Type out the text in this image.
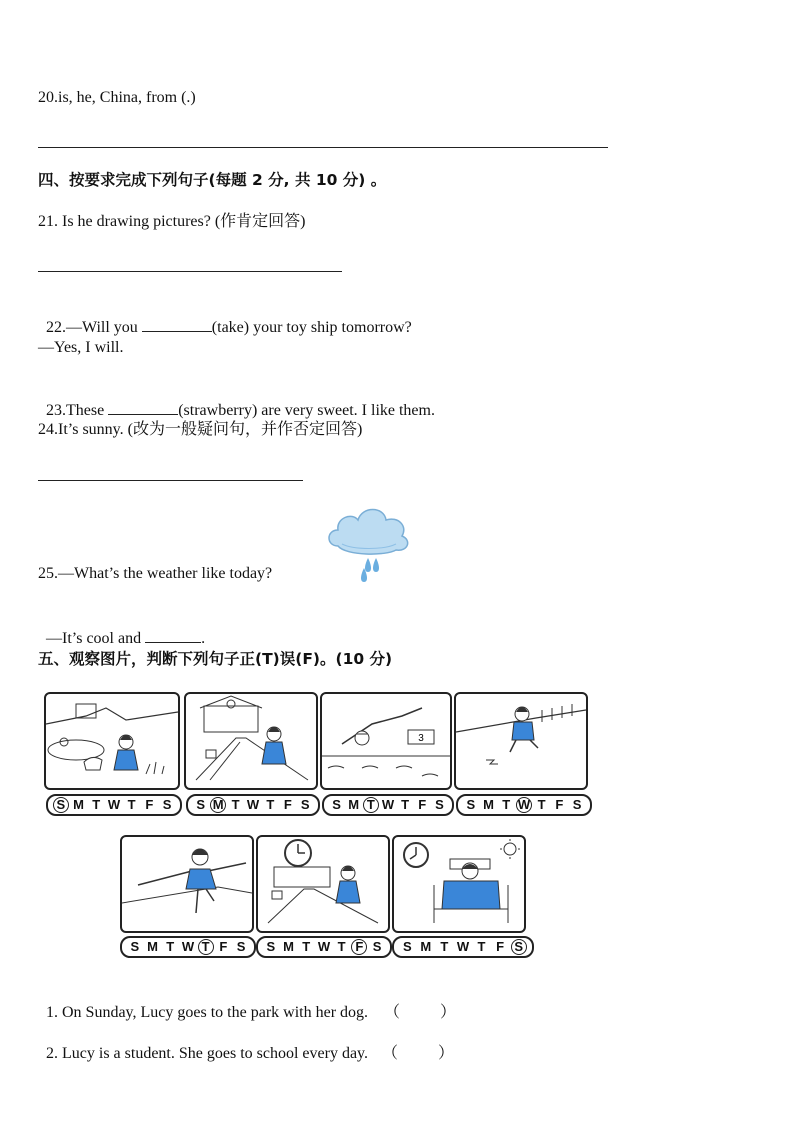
20.is, he, China, from (.)
四、按要求完成下列句子(每题 2 分, 共 10 分) 。
21. Is he drawing pictures? (作肯定回答)

22.—Will you	(take) your toy ship tomorrow?

—Yes, I will.

23.These	(strawberry) are very sweet. I like them.

24.It’s sunny. (改为一般疑问句，并作否定回答)
25.—What’s the weather like today?

—It’s cool and	.

五、观察图片，判断下列句子正(T)误(F)。(10 分)
S M T W T F S S M T W T F S
3
S M T W T F S S M T W T F S
S M T W T F S S M T W T F S S M T W T F S

1. On Sunday, Lucy goes to the park with her dog. （	）

2. Lucy is a student. She goes to school every day. （	）
